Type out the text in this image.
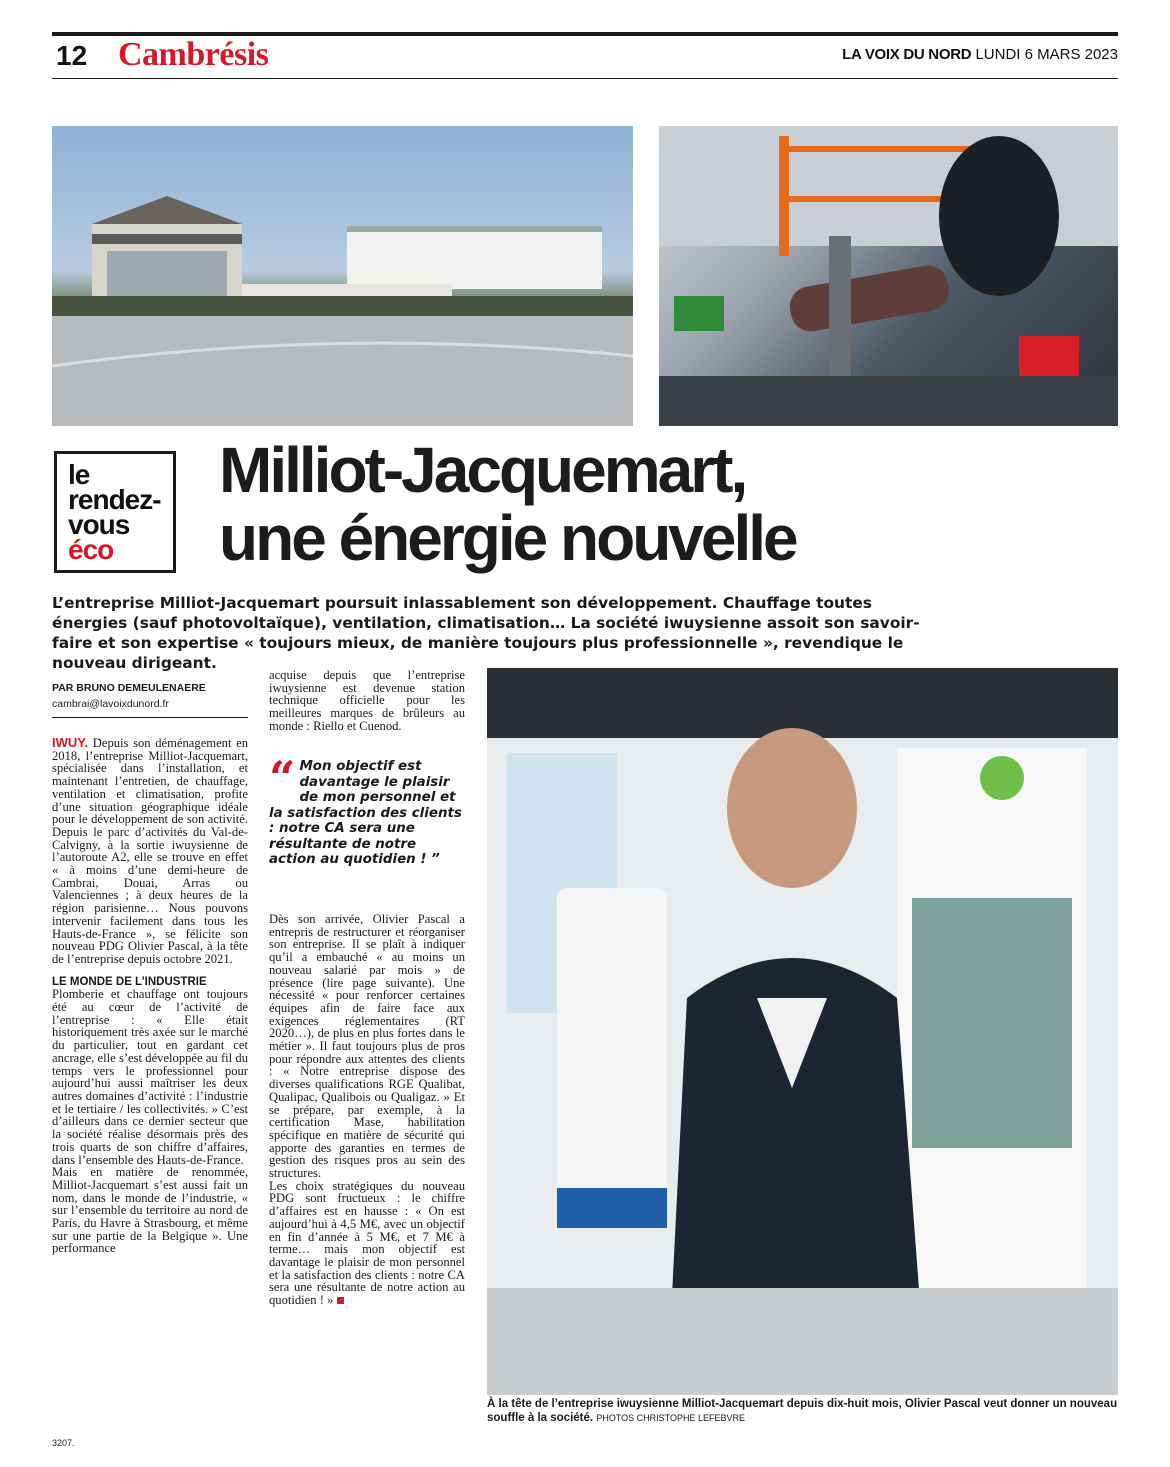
12 Cambrésis	LA VOIX DU NORD LUNDI 6 MARS 2023
le
rendez-
vous
éco
Milliot-Jacquemart,
une énergie nouvelle
L’entreprise Milliot-Jacquemart poursuit inlassablement son développement. Chauffage toutes énergies (sauf photovoltaïque), ventilation, climatisation… La société iwuysienne assoit son savoir-faire et son expertise « toujours mieux, de manière toujours plus professionnelle », revendique le nouveau dirigeant.
PAR BRUNO DEMEULENAERE
cambrai@lavoixdunord.fr

IWUY. Depuis son déménagement en 2018, l’entreprise Milliot-Jacquemart, spécialisée dans l’installation, et maintenant l’entretien, de chauffage, ventilation et climatisation, profite d’une situation géographique idéale pour le développement de son activité. Depuis le parc d’activités du Val-de-Calvigny, à la sortie iwuysienne de l’autoroute A2, elle se trouve en effet « à moins d’une demi-heure de Cambrai, Douai, Arras ou Valenciennes ; à deux heures de la région parisienne… Nous pouvons intervenir facilement dans tous les Hauts-de-France », se félicite son nouveau PDG Olivier Pascal, à la tête de l’entreprise depuis octobre 2021.

LE MONDE DE L’INDUSTRIE

Plomberie et chauffage ont toujours été au cœur de l’activité de l’entreprise : « Elle était historiquement très axée sur le marché du particulier, tout en gardant cet ancrage, elle s’est développée au fil du temps vers le professionnel pour aujourd’hui aussi maîtriser les deux autres domaines d’activité : l’industrie et le tertiaire / les collectivités. » C’est d’ailleurs dans ce dernier secteur que la société réalise désormais près des trois quarts de son chiffre d’affaires, dans l’ensemble des Hauts-de-France.

Mais en matière de renommée, Milliot-Jacquemart s’est aussi fait un nom, dans le monde de l’industrie, « sur l’ensemble du territoire au nord de Paris, du Havre à Strasbourg, et même sur une partie de la Belgique ». Une performance

acquise depuis que l’entreprise iwuysienne est devenue station technique officielle pour les meilleures marques de brûleurs au monde : Riello et Cuenod.

“ Mon objectif est davantage le plaisir de mon personnel et la satisfaction des clients : notre CA sera une résultante de notre action au quotidien ! ”

Dès son arrivée, Olivier Pascal a entrepris de restructurer et réorganiser son entreprise. Il se plaît à indiquer qu’il a embauché « au moins un nouveau salarié par mois » de présence (lire page suivante). Une nécessité « pour renforcer certaines équipes afin de faire face aux exigences réglementaires (RT 2020…), de plus en plus fortes dans le métier ». Il faut toujours plus de pros pour répondre aux attentes des clients : « Notre entreprise dispose des diverses qualifications RGE Qualibat, Qualipac, Qualibois ou Qualigaz. » Et se prépare, par exemple, à la certification Mase, habilitation spécifique en matière de sécurité qui apporte des garanties en termes de gestion des risques pros au sein des structures.

Les choix stratégiques du nouveau PDG sont fructueux : le chiffre d’affaires est en hausse : « On est aujourd’hui à 4,5 M€, avec un objectif en fin d’année à 5 M€, et 7 M€ à terme… mais mon objectif est davantage le plaisir de mon personnel et la satisfaction des clients : notre CA sera une résultante de notre action au quotidien ! »

À la tête de l’entreprise iwuysienne Milliot-Jacquemart depuis dix-huit mois, Olivier Pascal veut donner un nouveau souffle à la société. PHOTOS CHRISTOPHE LEFEBVRE
3207.
